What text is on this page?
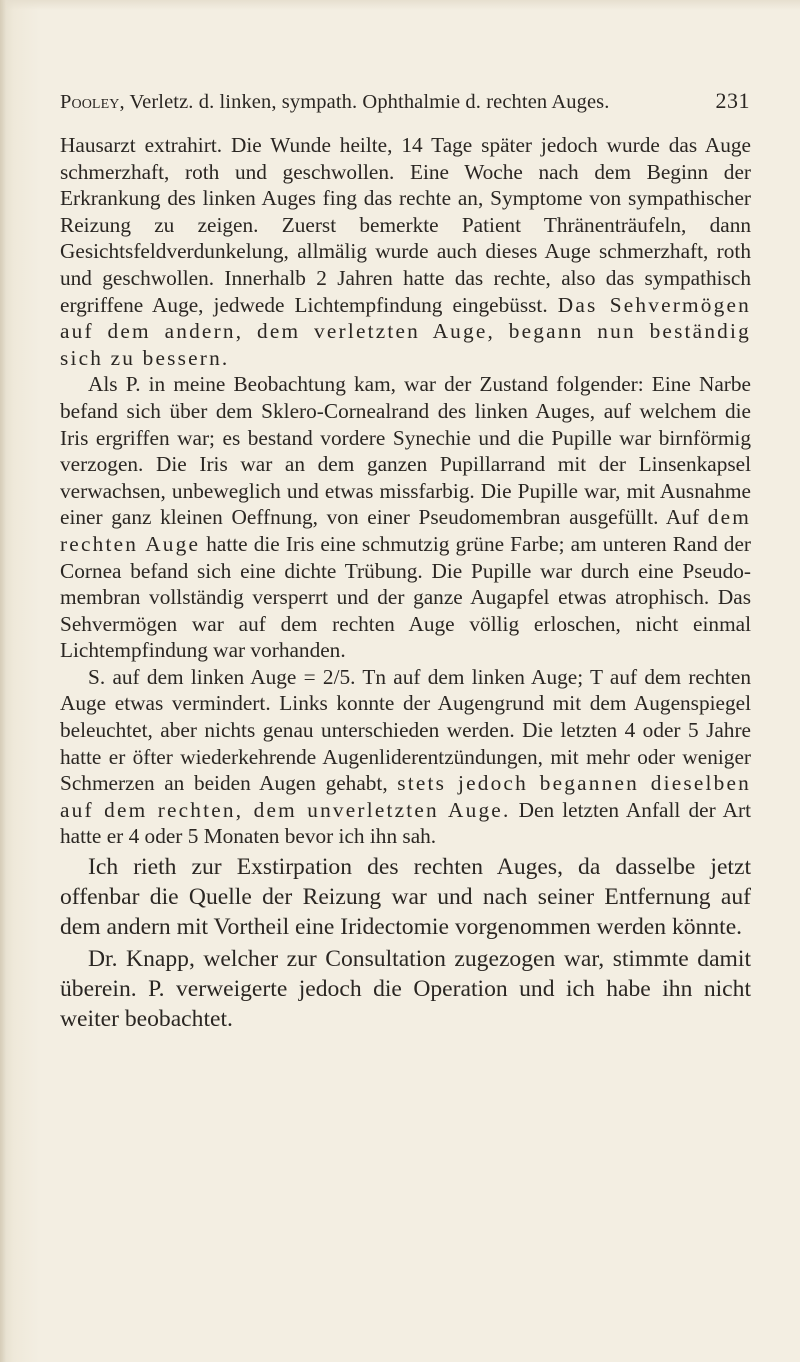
Pooley, Verletz. d. linken, sympath. Ophthalmie d. rechten Auges.	231

Hausarzt extrahirt. Die Wunde heilte, 14 Tage später jedoch wurde das Auge schmerzhaft, roth und geschwollen. Eine Woche nach dem Beginn der Erkrankung des linken Auges fing das rechte an, Symptome von sympathischer Reizung zu zeigen. Zuerst bemerkte Patient Thränenträufeln, dann Gesichtsfeldverdunkelung, allmälig wurde auch dieses Auge schmerzhaft, roth und geschwollen. Innerhalb 2 Jahren hatte das rechte, also das sympathisch ergriffene Auge, jedwede Lichtempfindung eingebüsst. Das Sehvermögen auf dem andern, dem verletzten Auge, begann nun beständig sich zu bessern.

Als P. in meine Beobachtung kam, war der Zustand folgender: Eine Narbe befand sich über dem Sklero-Cornealrand des linken Auges, auf welchem die Iris ergriffen war; es bestand vordere Synechie und die Pupille war birnförmig verzogen. Die Iris war an dem ganzen Pupillarrand mit der Linsenkapsel verwachsen, unbeweglich und etwas missfarbig. Die Pupille war, mit Ausnahme einer ganz kleinen Oeffnung, von einer Pseudomembran ausgefüllt. Auf dem rechten Auge hatte die Iris eine schmutzig grüne Farbe; am unteren Rand der Cornea befand sich eine dichte Trübung. Die Pupille war durch eine Pseudomembran vollständig versperrt und der ganze Augapfel etwas atrophisch. Das Sehvermögen war auf dem rechten Auge völlig erloschen, nicht einmal Lichtempfindung war vorhanden.

S. auf dem linken Auge = 2/5. Tn auf dem linken Auge; T auf dem rechten Auge etwas vermindert. Links konnte der Augengrund mit dem Augenspiegel beleuchtet, aber nichts genau unterschieden werden. Die letzten 4 oder 5 Jahre hatte er öfter wiederkehrende Augenliderentzündungen, mit mehr oder weniger Schmerzen an beiden Augen gehabt, stets jedoch begannen dieselben auf dem rechten, dem unverletzten Auge. Den letzten Anfall der Art hatte er 4 oder 5 Monaten bevor ich ihn sah.

Ich rieth zur Exstirpation des rechten Auges, da dasselbe jetzt offenbar die Quelle der Reizung war und nach seiner Entfernung auf dem andern mit Vortheil eine Iridectomie vorgenommen werden könnte.

Dr. Knapp, welcher zur Consultation zugezogen war, stimmte damit überein. P. verweigerte jedoch die Operation und ich habe ihn nicht weiter beobachtet.
